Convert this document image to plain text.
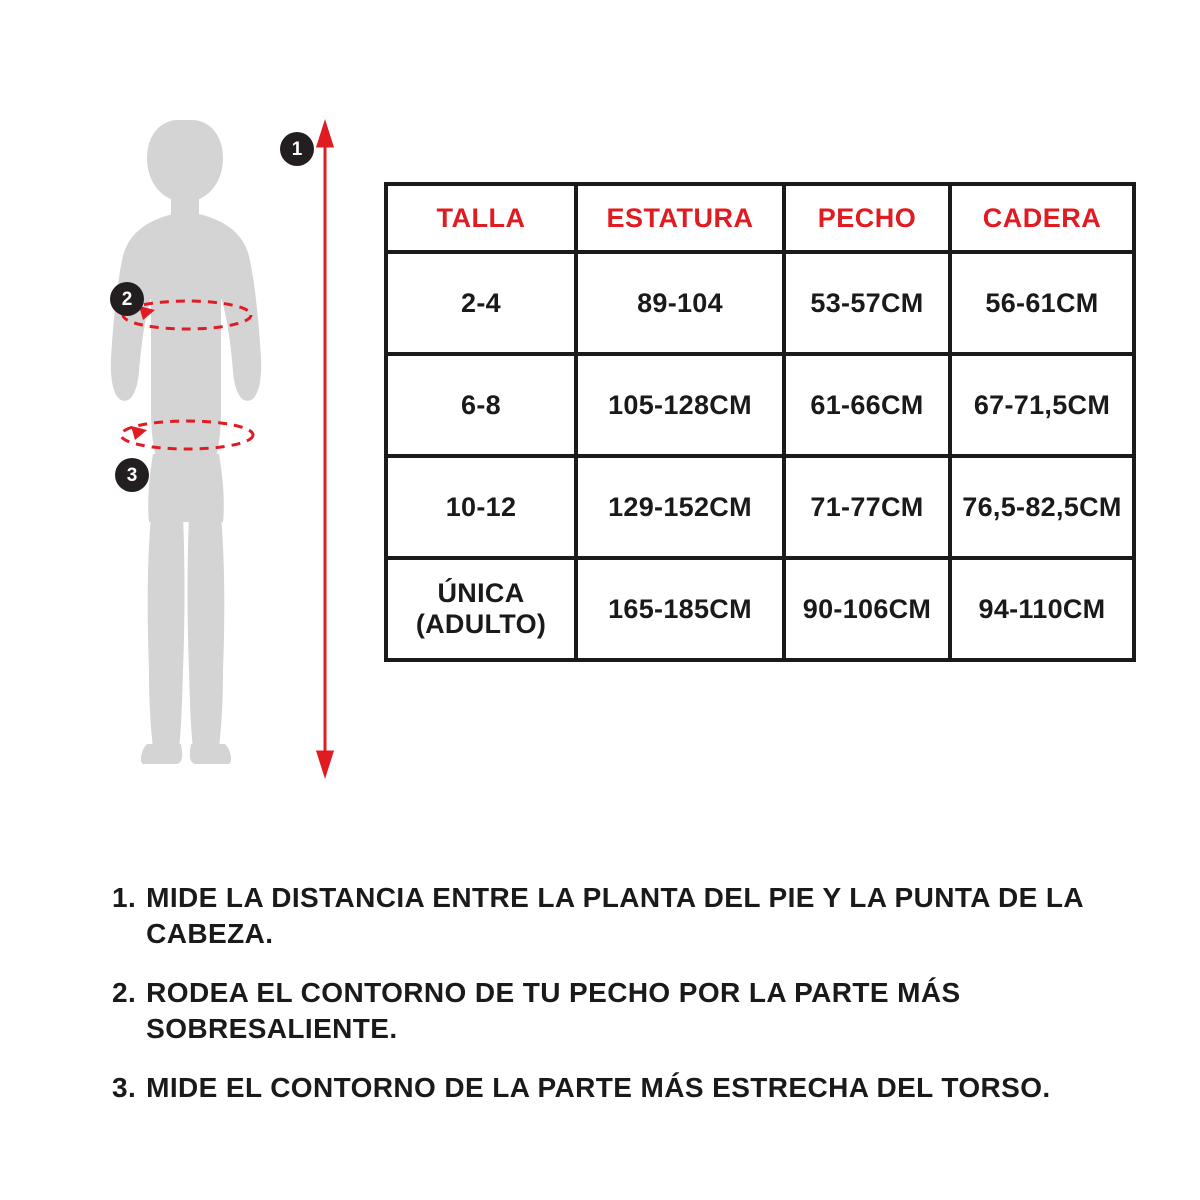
1
2
3
TALLA	ESTATURA	PECHO	CADERA
2-4	89-104	53-57CM	56-61CM
6-8	105-128CM	61-66CM	67-71,5CM
10-12	129-152CM	71-77CM	76,5-82,5CM

ÚNICA
(ADULTO)	165-185CM	90-106CM	94-110CM
1. MIDE LA DISTANCIA ENTRE LA PLANTA DEL PIE Y LA PUNTA DE LA CABEZA.
2. RODEA EL CONTORNO DE TU PECHO POR LA PARTE MÁS SOBRESALIENTE.
3. MIDE EL CONTORNO DE LA PARTE MÁS ESTRECHA DEL TORSO.
